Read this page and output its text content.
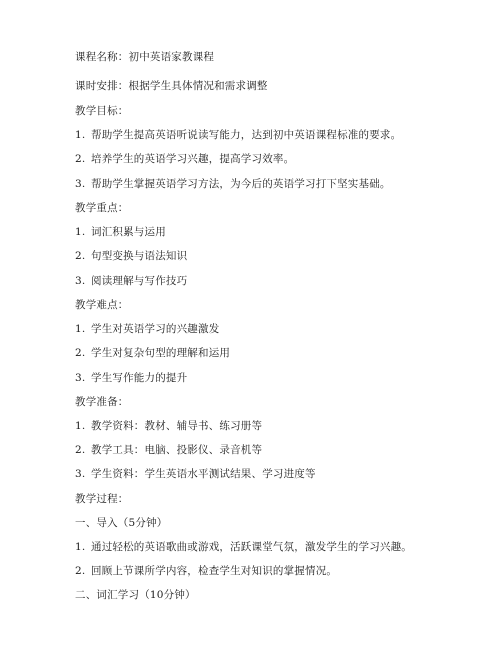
课程名称：初中英语家教课程
课时安排：根据学生具体情况和需求调整
教学目标：
1. 帮助学生提高英语听说读写能力，达到初中英语课程标准的要求。
2. 培养学生的英语学习兴趣，提高学习效率。
3. 帮助学生掌握英语学习方法，为今后的英语学习打下坚实基础。
教学重点：
1. 词汇积累与运用
2. 句型变换与语法知识
3. 阅读理解与写作技巧
教学难点：
1. 学生对英语学习的兴趣激发
2. 学生对复杂句型的理解和运用
3. 学生写作能力的提升
教学准备：
1. 教学资料：教材、辅导书、练习册等
2. 教学工具：电脑、投影仪、录音机等
3. 学生资料：学生英语水平测试结果、学习进度等
教学过程：
一、导入（5分钟）
1. 通过轻松的英语歌曲或游戏，活跃课堂气氛，激发学生的学习兴趣。
2. 回顾上节课所学内容，检查学生对知识的掌握情况。
二、词汇学习（10分钟）
